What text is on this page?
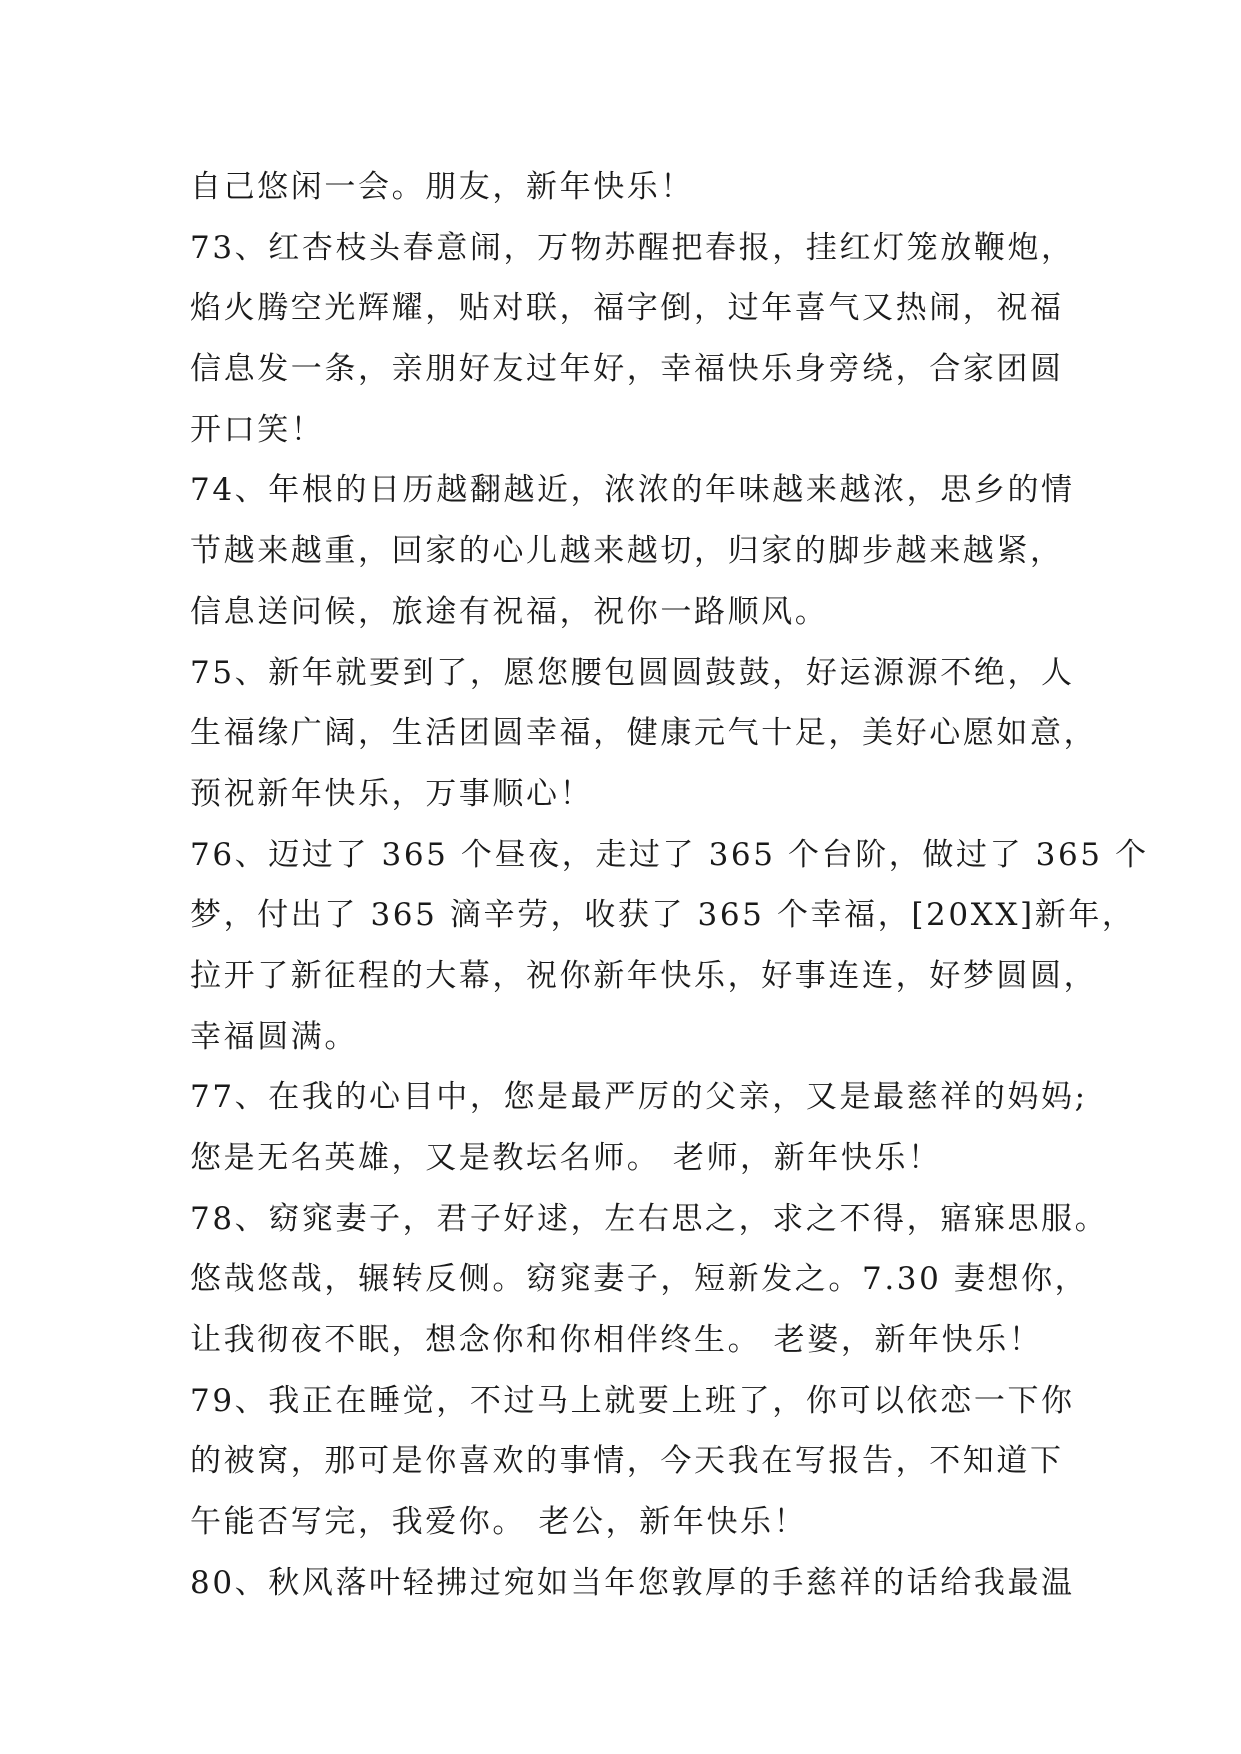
自己悠闲一会。朋友，新年快乐！
73、红杏枝头春意闹，万物苏醒把春报，挂红灯笼放鞭炮，
焰火腾空光辉耀，贴对联，福字倒，过年喜气又热闹，祝福
信息发一条，亲朋好友过年好，幸福快乐身旁绕，合家团圆
开口笑！
74、年根的日历越翻越近，浓浓的年味越来越浓，思乡的情
节越来越重，回家的心儿越来越切，归家的脚步越来越紧，
信息送问候，旅途有祝福，祝你一路顺风。
75、新年就要到了，愿您腰包圆圆鼓鼓，好运源源不绝，人
生福缘广阔，生活团圆幸福，健康元气十足，美好心愿如意，
预祝新年快乐，万事顺心！
76、迈过了 365 个昼夜，走过了 365 个台阶，做过了 365 个
梦，付出了 365 滴辛劳，收获了 365 个幸福，[20XX]新年，
拉开了新征程的大幕，祝你新年快乐，好事连连，好梦圆圆，
幸福圆满。
77、在我的心目中，您是最严厉的父亲，又是最慈祥的妈妈;
您是无名英雄，又是教坛名师。 老师，新年快乐！
78、窈窕妻子，君子好逑，左右思之，求之不得，寤寐思服。
悠哉悠哉，辗转反侧。窈窕妻子，短新发之。7.30 妻想你，
让我彻夜不眠，想念你和你相伴终生。 老婆，新年快乐！
79、我正在睡觉，不过马上就要上班了，你可以依恋一下你
的被窝，那可是你喜欢的事情，今天我在写报告，不知道下
午能否写完，我爱你。 老公，新年快乐！
80、秋风落叶轻拂过宛如当年您敦厚的手慈祥的话给我最温
